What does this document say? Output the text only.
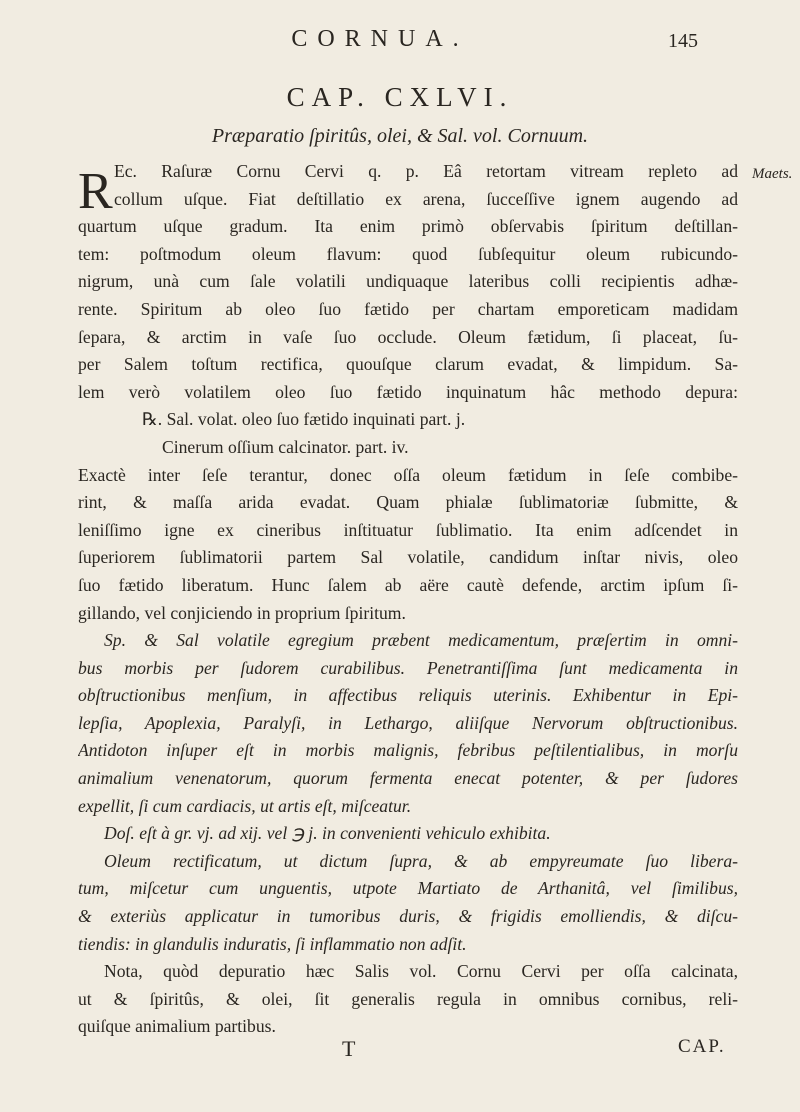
CORNUA.	145
CAP. CXLVI.
Præparatio ſpiritûs, olei, & Sal. vol. Cornuum.
Maets.
R Ec. Raſuræ Cornu Cervi q. p. Eâ retortam vitream repleto ad
collum uſque. Fiat deſtillatio ex arena, ſucceſſive ignem augendo ad
quartum uſque gradum. Ita enim primò obſervabis ſpiritum deſtillan-
tem: poſtmodum oleum flavum: quod ſubſequitur oleum rubicundo-
nigrum, unà cum ſale volatili undiquaque lateribus colli recipientis adhæ-
rente. Spiritum ab oleo ſuo fætido per chartam emporeticam madidam
ſepara, & arctim in vaſe ſuo occlude. Oleum fætidum, ſi placeat, ſu-
per Salem toſtum rectifica, quouſque clarum evadat, & limpidum. Sa-
lem verò volatilem oleo ſuo fætido inquinatum hâc methodo depura:
℞. Sal. volat. oleo ſuo fætido inquinati part. j.
Cinerum oſſium calcinator. part. iv.
Exactè inter ſeſe terantur, donec oſſa oleum fætidum in ſeſe combibe-
rint, & maſſa arida evadat. Quam phialæ ſublimatoriæ ſubmitte, &
leniſſimo igne ex cineribus inſtituatur ſublimatio. Ita enim adſcendet in
ſuperiorem ſublimatorii partem Sal volatile, candidum inſtar nivis, oleo
ſuo fætido liberatum. Hunc ſalem ab aëre cautè defende, arctim ipſum ſi-
gillando, vel conjiciendo in proprium ſpiritum.
Sp. & Sal volatile egregium præbent medicamentum, præſertim in omni-
bus morbis per ſudorem curabilibus. Penetrantiſſima ſunt medicamenta in
obſtructionibus menſium, in affectibus reliquis uterinis. Exhibentur in Epi-
lepſia, Apoplexia, Paralyſi, in Lethargo, aliiſque Nervorum obſtructionibus.
Antidoton inſuper eſt in morbis malignis, febribus peſtilentialibus, in morſu
animalium venenatorum, quorum fermenta enecat potenter, & per ſudores
expellit, ſi cum cardiacis, ut artis eſt, miſceatur.
Doſ. eſt à gr. vj. ad xij. vel ℈ j. in convenienti vehiculo exhibita.
Oleum rectificatum, ut dictum ſupra, & ab empyreumate ſuo libera-
tum, miſcetur cum unguentis, utpote Martiato de Arthanitâ, vel ſimilibus,
& exteriùs applicatur in tumoribus duris, & frigidis emolliendis, & diſcu-
tiendis: in glandulis induratis, ſi inflammatio non adſit.
Nota, quòd depuratio hæc Salis vol. Cornu Cervi per oſſa calcinata,
ut & ſpiritûs, & olei, ſit generalis regula in omnibus cornibus, reli-
quiſque animalium partibus.
T	CAP.
